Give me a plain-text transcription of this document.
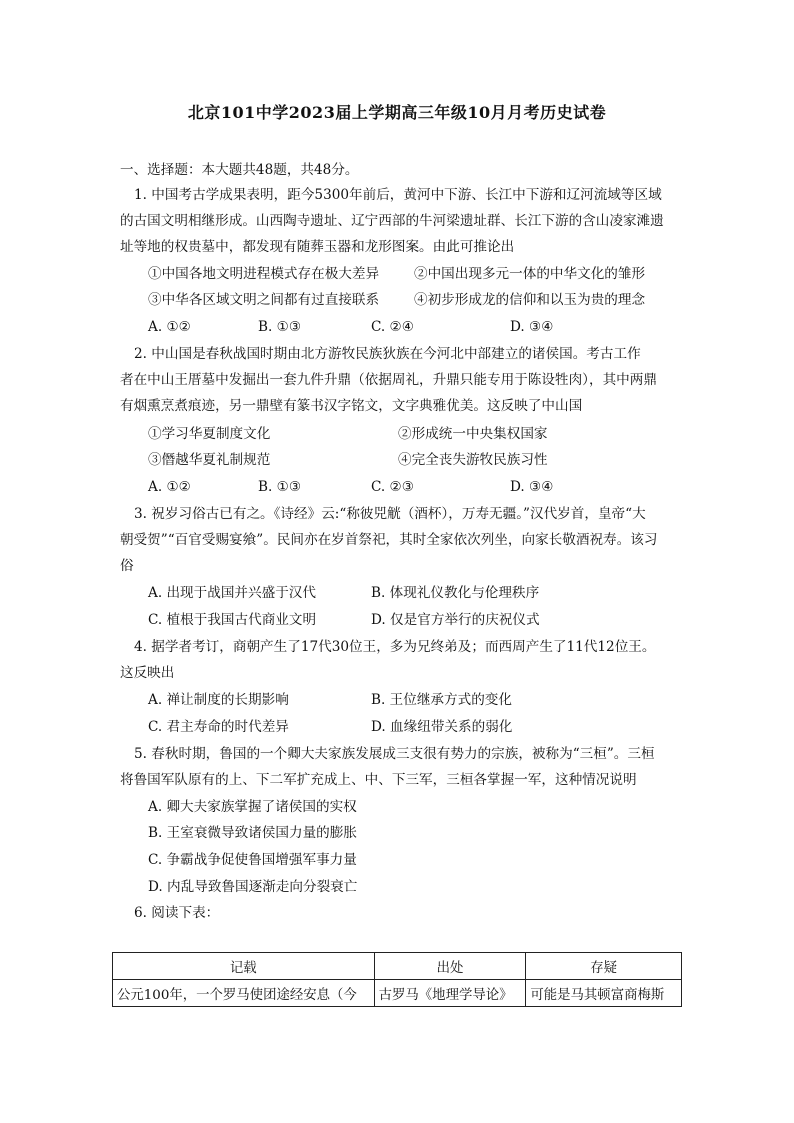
北京101中学2023届上学期高三年级10月月考历史试卷
一、选择题：本大题共48题，共48分。
1. 中国考古学成果表明，距今5300年前后，黄河中下游、长江中下游和辽河流域等区域
的古国文明相继形成。山西陶寺遗址、辽宁西部的牛河梁遗址群、长江下游的含山凌家滩遗
址等地的权贵墓中，都发现有随葬玉器和龙形图案。由此可推论出
①中国各地文明进程模式存在极大差异	②中国出现多元一体的中华文化的雏形
③中华各区域文明之间都有过直接联系	④初步形成龙的信仰和以玉为贵的理念
A. ①②	B. ①③	C. ②④	D. ③④
2. 中山国是春秋战国时期由北方游牧民族狄族在今河北中部建立的诸侯国。考古工作
者在中山王厝墓中发掘出一套九件升鼎（依据周礼，升鼎只能专用于陈设牲肉），其中两鼎
有烟熏烹煮痕迹，另一鼎壁有篆书汉字铭文，文字典雅优美。这反映了中山国
①学习华夏制度文化	②形成统一中央集权国家
③僭越华夏礼制规范	④完全丧失游牧民族习性
A. ①②	B. ①③	C. ②③	D. ③④
3. 祝岁习俗古已有之。《诗经》云:“称彼兕觥（酒杯），万寿无疆。”汉代岁首，皇帝“大
朝受贺”“百官受赐宴飨”。民间亦在岁首祭祀，其时全家依次列坐，向家长敬酒祝寿。该习
俗
A. 出现于战国并兴盛于汉代	B. 体现礼仪教化与伦理秩序
C. 植根于我国古代商业文明	D. 仅是官方举行的庆祝仪式
4. 据学者考订，商朝产生了17代30位王，多为兄终弟及；而西周产生了11代12位王。
这反映出
A. 禅让制度的长期影响	B. 王位继承方式的变化
C. 君主寿命的时代差异	D. 血缘纽带关系的弱化
5. 春秋时期，鲁国的一个卿大夫家族发展成三支很有势力的宗族，被称为“三桓”。三桓
将鲁国军队原有的上、下二军扩充成上、中、下三军，三桓各掌握一军，这种情况说明
A. 卿大夫家族掌握了诸侯国的实权
B. 王室衰微导致诸侯国力量的膨胀
C. 争霸战争促使鲁国增强军事力量
D. 内乱导致鲁国逐渐走向分裂衰亡
6. 阅读下表：
记载	出处	存疑
公元100年，一个罗马使团途经安息（今	古罗马《地理学导论》	可能是马其顿富商梅斯
